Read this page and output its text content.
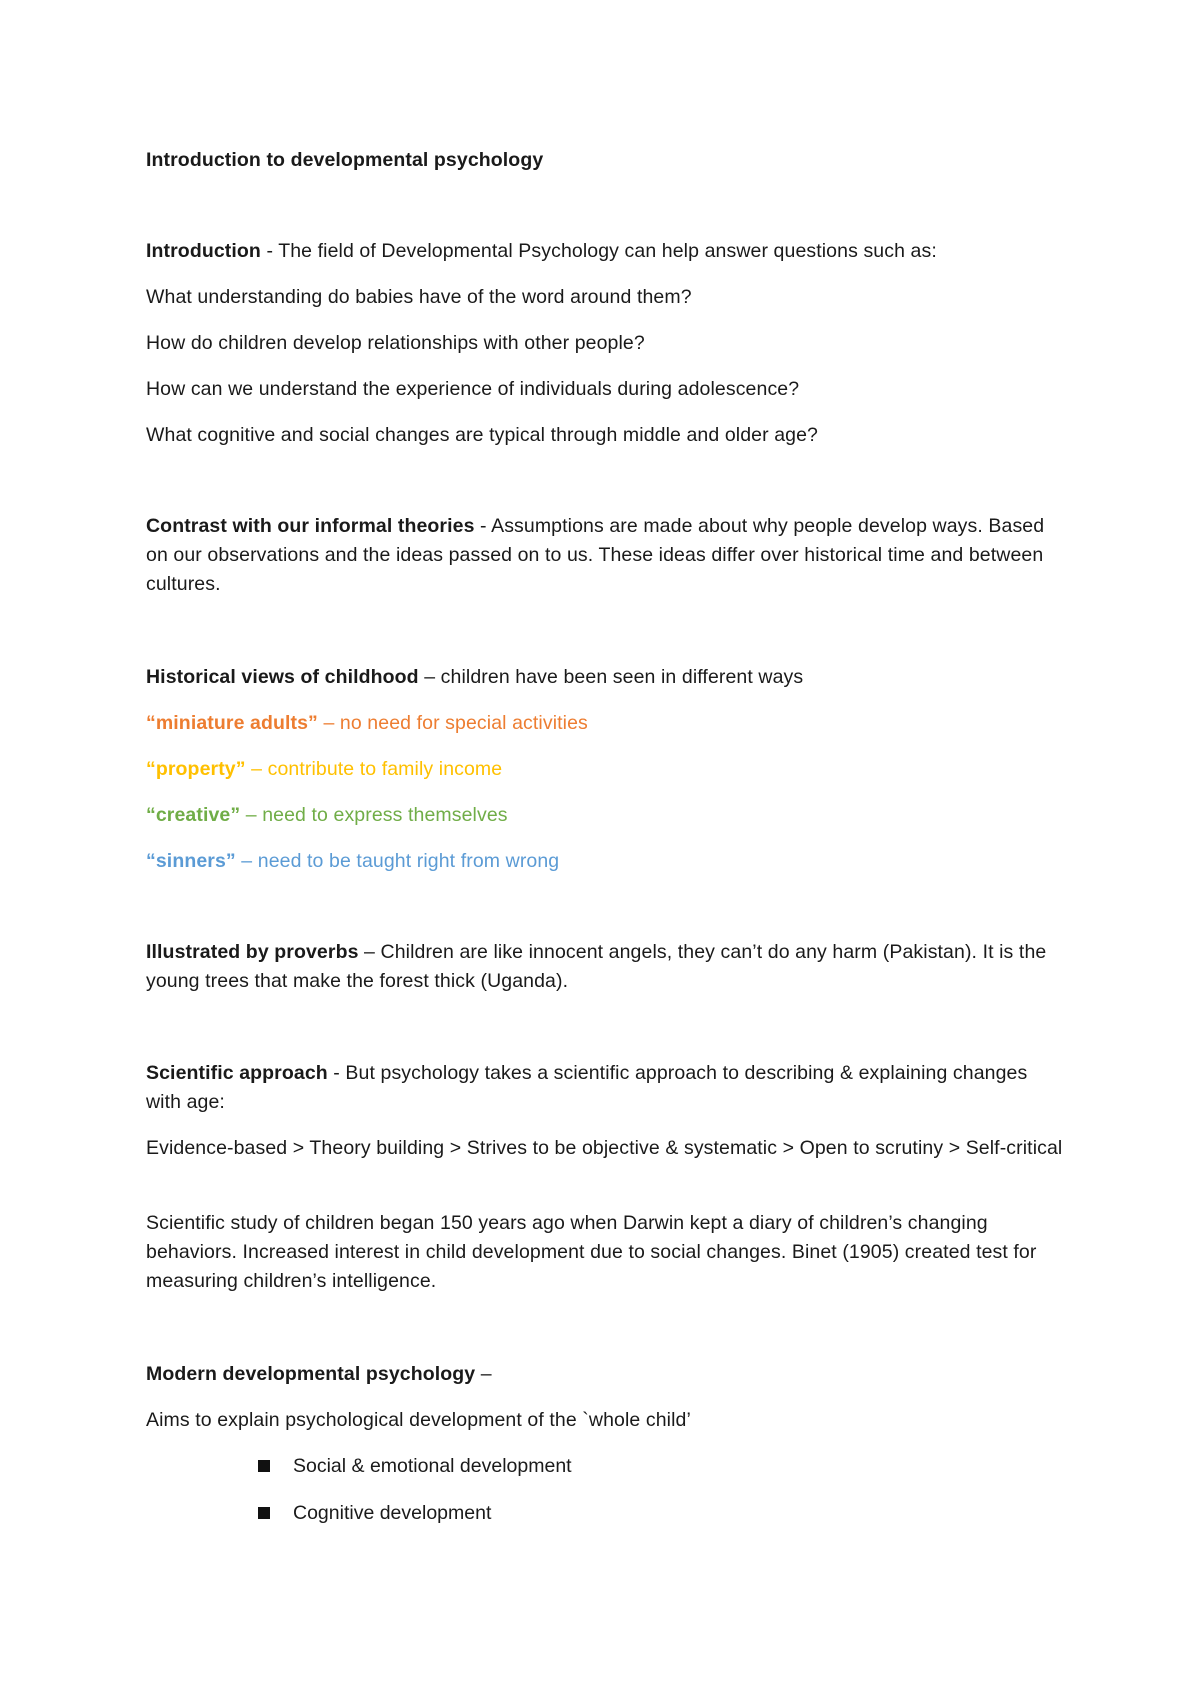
Introduction to developmental psychology
Introduction - The field of Developmental Psychology can help answer questions such as:
What understanding do babies have of the word around them?
How do children develop relationships with other people?
How can we understand the experience of individuals during adolescence?
What cognitive and social changes are typical through middle and older age?
Contrast with our informal theories - Assumptions are made about why people develop ways. Based on our observations and the ideas passed on to us. These ideas differ over historical time and between cultures.
Historical views of childhood – children have been seen in different ways
“miniature adults” – no need for special activities
“property” – contribute to family income
“creative” – need to express themselves
“sinners” – need to be taught right from wrong
Illustrated by proverbs – Children are like innocent angels, they can’t do any harm (Pakistan). It is the young trees that make the forest thick (Uganda).
Scientific approach - But psychology takes a scientific approach to describing & explaining changes with age:
Evidence-based > Theory building > Strives to be objective & systematic > Open to scrutiny > Self-critical
Scientific study of children began 150 years ago when Darwin kept a diary of children’s changing behaviors. Increased interest in child development due to social changes. Binet (1905) created test for measuring children’s intelligence.
Modern developmental psychology –
Aims to explain psychological development of the `whole child’
Social & emotional development
Cognitive development
